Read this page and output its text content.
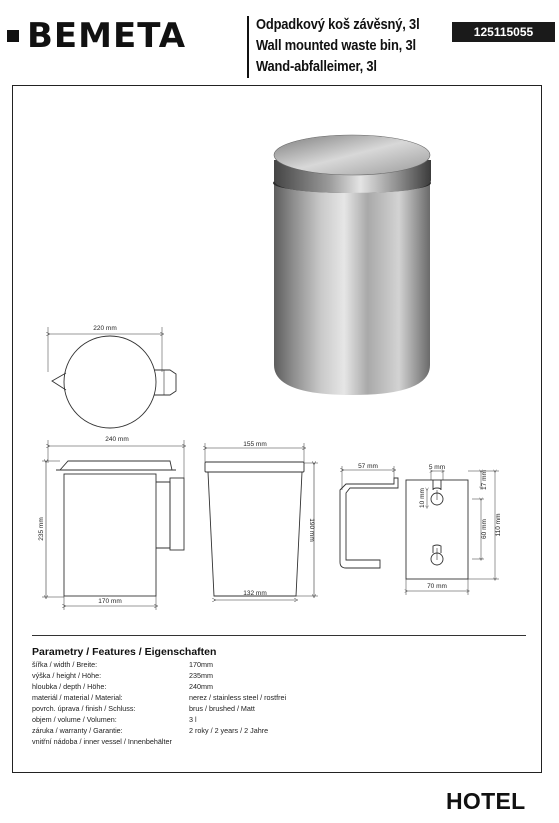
BEMETA	Odpadkový koš závěsný, 3l
Wall mounted waste bin, 3l
Wand-abfalleimer, 3l
125115055
220 mm
240 mm
235 mm
170 mm
155 mm
190 mm
132 mm
57 mm	5 mm
10 mm
17 mm
60 mm 110 mm
70 mm
Parametry / Features / Eigenschaften
šířka / width / Breite:	170mm
výška / height / Höhe:	235mm
hloubka / depth / Höhe:	240mm
materiál / material / Material:	nerez / stainless steel / rostfrei
povrch. úprava / finish / Schluss:	brus / brushed / Matt
objem / volume / Volumen:	3 l
záruka / warranty / Garantie:	2 roky / 2 years / 2 Jahre
vnitřní nádoba / inner vessel / Innenbehälter
HOTEL
